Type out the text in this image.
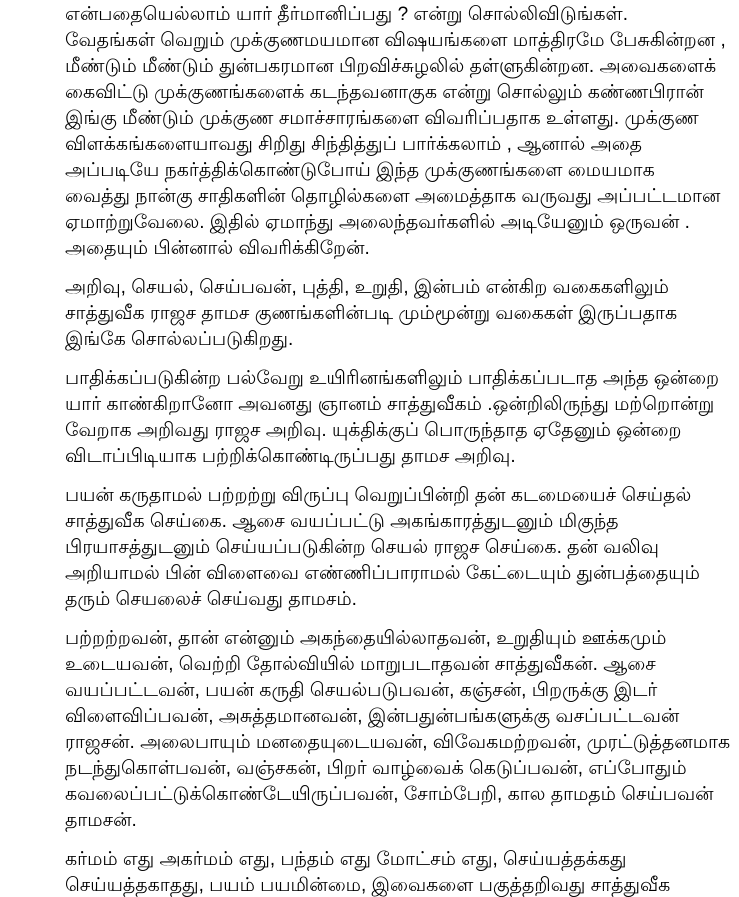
என்பதையெல்லாம் யார் தீர்மானிப்பது ? என்று சொல்லிவிடுங்கள்.
வேதங்கள் வெறும் முக்குணமயமான விஷயங்களை மாத்திரமே பேசுகின்றன ,
மீண்டும் மீண்டும் துன்பகரமான பிறவிச்சுழலில் தள்ளுகின்றன. அவைகளைக்
கைவிட்டு முக்குணங்களைக் கடந்தவனாகுக என்று சொல்லும் கண்ணபிரான்
இங்கு மீண்டும் முக்குண சமாச்சாரங்களை விவரிப்பதாக உள்ளது. முக்குண
விளக்கங்களையாவது சிறிது சிந்தித்துப் பார்க்கலாம் , ஆனால் அதை
அப்படியே நகர்த்திக்கொண்டுபோய் இந்த முக்குணங்களை மையமாக
வைத்து நான்கு சாதிகளின் தொழில்களை அமைத்தாக வருவது அப்பட்டமான
ஏமாற்றுவேலை. இதில் ஏமாந்து அலைந்தவர்களில் அடியேனும் ஒருவன் .
அதையும் பின்னால் விவரிக்கிறேன்.
அறிவு, செயல், செய்பவன், புத்தி, உறுதி, இன்பம் என்கிற வகைகளிலும்
சாத்துவீக ராஜச தாமச குணங்களின்படி மும்மூன்று வகைகள் இருப்பதாக
இங்கே சொல்லப்படுகிறது.
பாதிக்கப்படுகின்ற பல்வேறு உயிரினங்களிலும் பாதிக்கப்படாத அந்த ஒன்றை
யார் காண்கிறானோ அவனது ஞானம் சாத்துவீகம் .ஒன்றிலிருந்து மற்றொன்று
வேறாக அறிவது ராஜச அறிவு. யுக்திக்குப் பொருந்தாத ஏதேனும் ஒன்றை
விடாப்பிடியாக பற்றிக்கொண்டிருப்பது தாமச அறிவு.
பயன் கருதாமல் பற்றற்று விருப்பு வெறுப்பின்றி தன் கடமையைச் செய்தல்
சாத்துவீக செய்கை. ஆசை வயப்பட்டு அகங்காரத்துடனும் மிகுந்த
பிரயாசத்துடனும் செய்யப்படுகின்ற செயல் ராஜச செய்கை. தன் வலிவு
அறியாமல் பின் விளைவை எண்ணிப்பாராமல் கேட்டையும் துன்பத்தையும்
தரும் செயலைச் செய்வது தாமசம்.
பற்றற்றவன், தான் என்னும் அகந்தையில்லாதவன், உறுதியும் ஊக்கமும்
உடையவன், வெற்றி தோல்வியில் மாறுபடாதவன் சாத்துவீகன். ஆசை
வயப்பட்டவன், பயன் கருதி செயல்படுபவன், கஞ்சன், பிறருக்கு இடர்
விளைவிப்பவன், அசுத்தமானவன், இன்பதுன்பங்களுக்கு வசப்பட்டவன்
ராஜசன். அலைபாயும் மனதையுடையவன், விவேகமற்றவன், முரட்டுத்தனமாக
நடந்துகொள்பவன், வஞ்சகன், பிறர் வாழ்வைக் கெடுப்பவன், எப்போதும்
கவலைப்பட்டுக்கொண்டேயிருப்பவன், சோம்பேறி, கால தாமதம் செய்பவன்
தாமசன்.
கர்மம் எது அகர்மம் எது, பந்தம் எது மோட்சம் எது, செய்யத்தக்கது
செய்யத்தகாதது, பயம் பயமின்மை, இவைகளை பகுத்தறிவது சாத்துவீக
